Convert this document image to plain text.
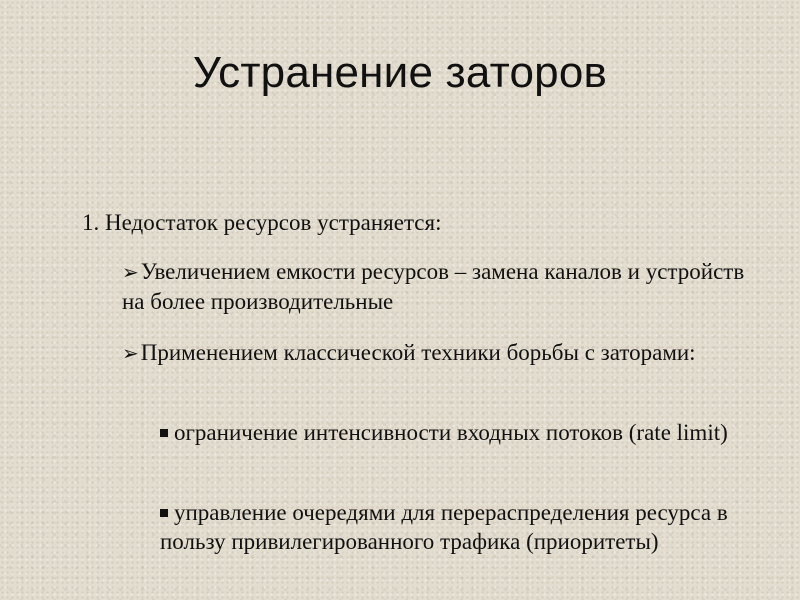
Устранение заторов
1. Недостаток ресурсов устраняется:
➢Увеличением емкости ресурсов – замена каналов и устройств на более производительные
➢Применением классической техники борьбы с заторами:
ограничение интенсивности входных потоков (rate limit)
управление очередями для перераспределения ресурса в пользу привилегированного трафика (приоритеты)
